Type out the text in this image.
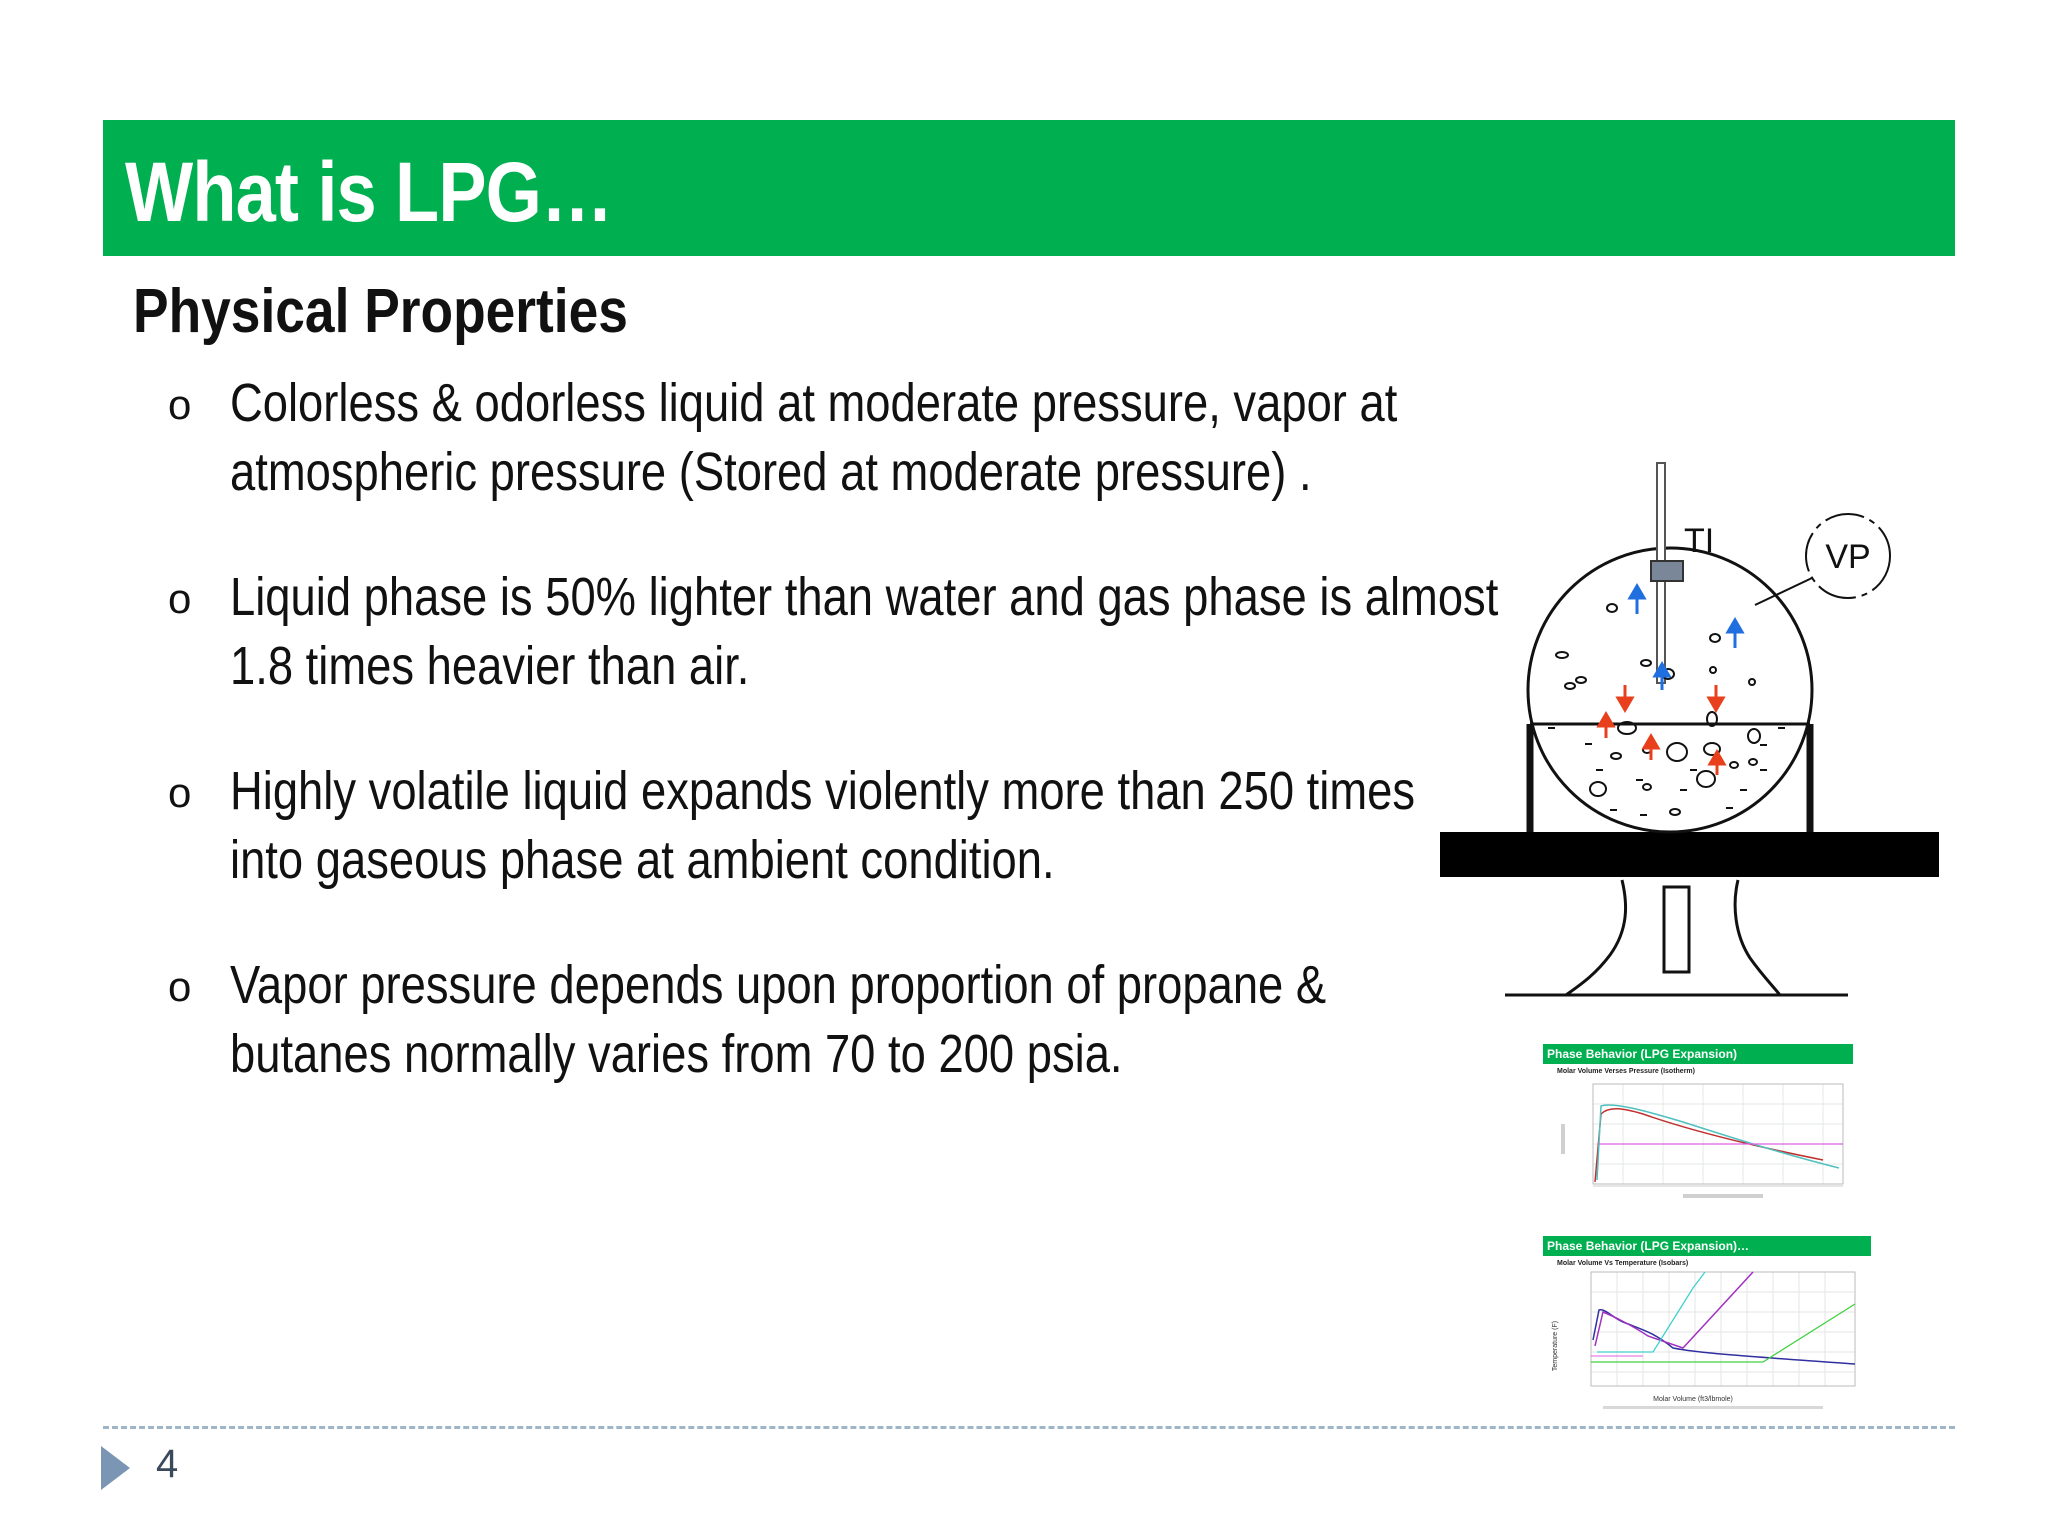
What is LPG…
Physical Properties
o Colorless & odorless liquid at moderate pressure, vapor at
atmospheric pressure (Stored at moderate pressure) .
o Liquid phase is 50% lighter than water and gas phase is almost
1.8 times heavier than air.
o Highly volatile liquid expands violently more than 250 times
into gaseous phase at ambient condition.
o Vapor pressure depends upon proportion of propane &
butanes normally varies from 70 to 200 psia.
TI	VP
Phase Behavior (LPG Expansion)
Molar Volume Verses Pressure (Isotherm)
Phase Behavior (LPG Expansion)…
Molar Volume Vs Temperature (Isobars)
Molar Volume (ft3/lbmole)
Temperature (F)
4
